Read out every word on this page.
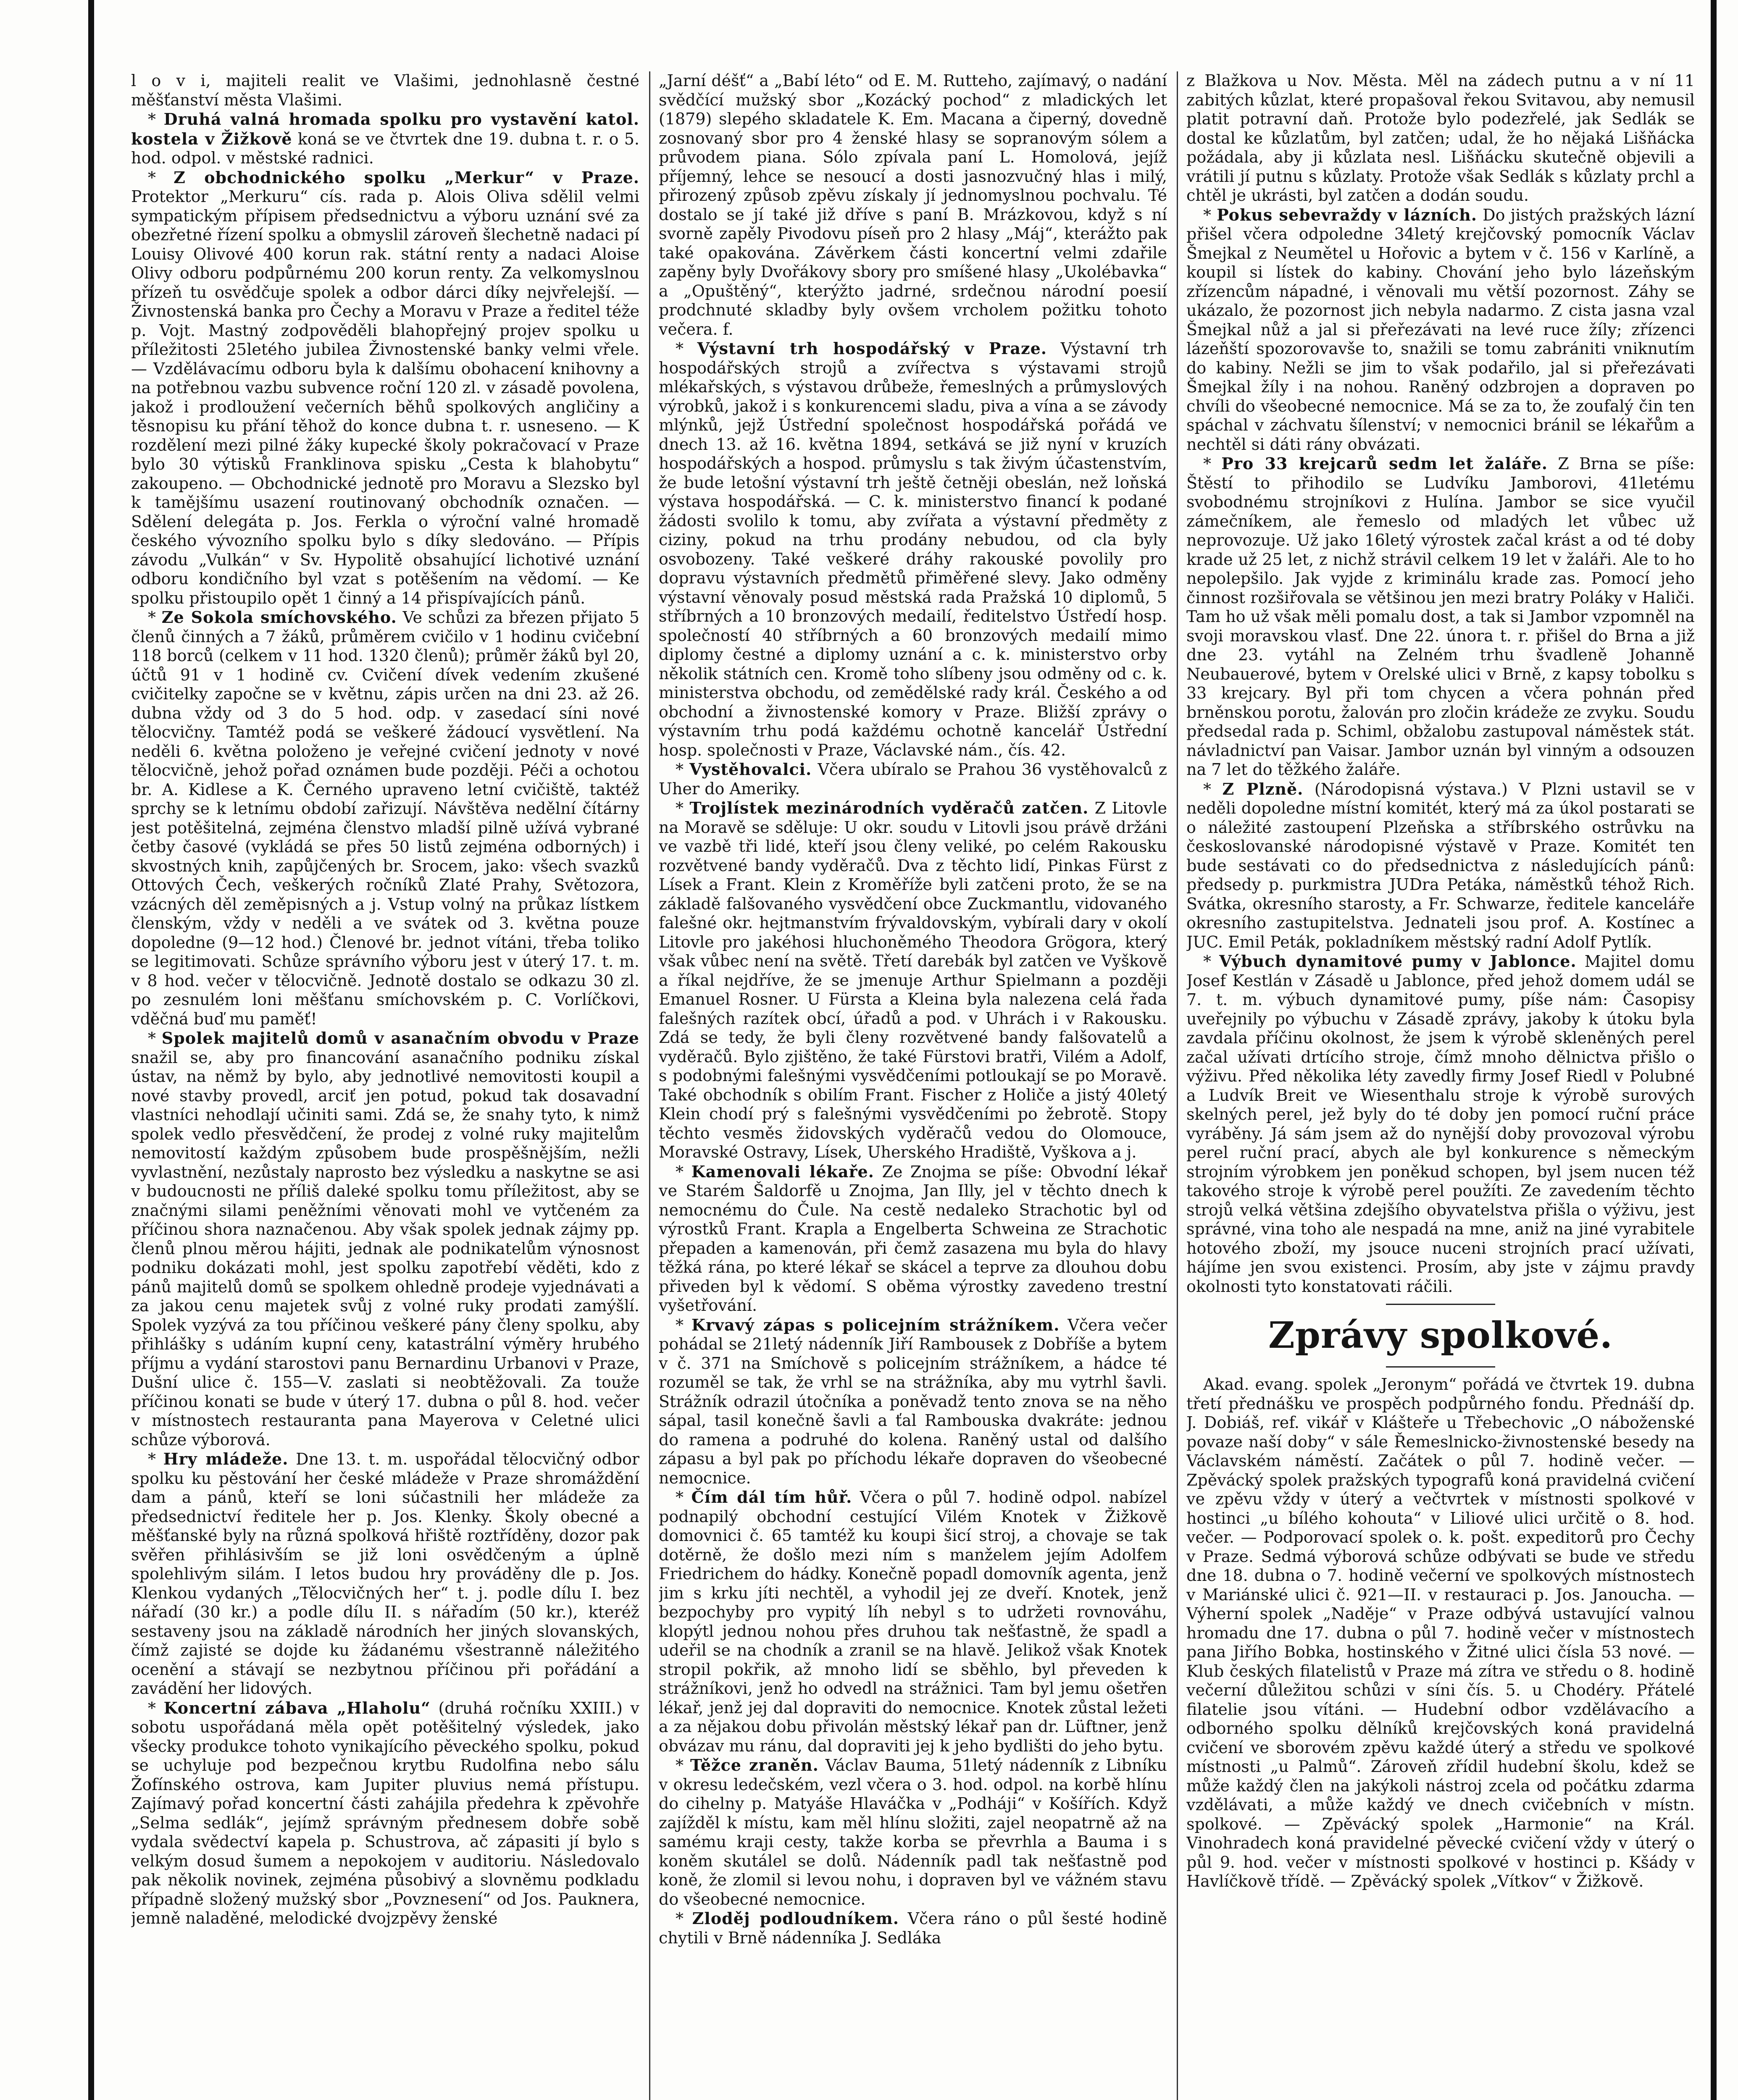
l o v i, majiteli realit ve Vlašimi, jednohlasně čestné měšťanství města Vlašimi.

* Druhá valná hromada spolku pro vystavění katol. kostela v Žižkově koná se ve čtvrtek dne 19. dubna t. r. o 5. hod. odpol. v městské radnici.

* Z obchodnického spolku „Merkur“ v Praze. Protektor „Merkuru“ cís. rada p. Alois Oliva sdělil velmi sympatickým přípisem předsednictvu a výboru uznání své za obezřetné řízení spolku a obmyslil zároveň šlechetně nadaci pí Louisy Olivové 400 korun rak. státní renty a nadaci Aloise Olivy odboru podpůrnému 200 korun renty. Za velkomyslnou přízeň tu osvědčuje spolek a odbor dárci díky nejvřelejší. — Živnostenská banka pro Čechy a Moravu v Praze a ředitel téže p. Vojt. Mastný zodpověděli blahopřejný projev spolku u příležitosti 25letého jubilea Živnostenské banky velmi vřele. — Vzdělávacímu odboru byla k dalšímu obohacení knihovny a na potřebnou vazbu subvence roční 120 zl. v zásadě povolena, jakož i prodloužení večerních běhů spolkových angličiny a těsnopisu ku přání těhož do konce dubna t. r. usneseno. — K rozdělení mezi pilné žáky kupecké školy pokračovací v Praze bylo 30 výtisků Franklinova spisku „Cesta k blahobytu“ zakoupeno. — Obchodnické jednotě pro Moravu a Slezsko byl k tamějšímu usazení routinovaný obchodník označen. — Sdělení delegáta p. Jos. Ferkla o výroční valné hromadě českého vývozního spolku bylo s díky sledováno. — Přípis závodu „Vulkán“ v Sv. Hypolitě obsahující lichotivé uznání odboru kondičního byl vzat s potěšením na vědomí. — Ke spolku přistoupilo opět 1 činný a 14 přispívajících pánů.

* Ze Sokola smíchovského. Ve schůzi za březen přijato 5 členů činných a 7 žáků, průměrem cvičilo v 1 hodinu cvičební 118 borců (celkem v 11 hod. 1320 členů); průměr žáků byl 20, účtů 91 v 1 hodině cv. Cvičení dívek vedením zkušené cvičitelky započne se v květnu, zápis určen na dni 23. až 26. dubna vždy od 3 do 5 hod. odp. v zasedací síni nové tělocvičny. Tamtéž podá se veškeré žádoucí vysvětlení. Na neděli 6. května položeno je veřejné cvičení jednoty v nové tělocvičně, jehož pořad oznámen bude později. Péči a ochotou br. A. Kidlese a K. Černého upraveno letní cvičiště, taktéž sprchy se k letnímu období zařizují. Návštěva nedělní čítárny jest potěšitelná, zejména členstvo mladší pilně užívá vybrané četby časové (vykládá se přes 50 listů zejména odborných) i skvostných knih, zapůjčených br. Srocem, jako: všech svazků Ottových Čech, veškerých ročníků Zlaté Prahy, Světozora, vzácných děl zeměpisných a j. Vstup volný na průkaz lístkem členským, vždy v neděli a ve svátek od 3. května pouze dopoledne (9—12 hod.) Členové br. jednot vítáni, třeba toliko se legitimovati. Schůze správního výboru jest v úterý 17. t. m. v 8 hod. večer v tělocvičně. Jednotě dostalo se odkazu 30 zl. po zesnulém loni měšťanu smíchovském p. C. Vorlíčkovi, vděčná buď mu paměť!

* Spolek majitelů domů v asanačním obvodu v Praze snažil se, aby pro financování asanačního podniku získal ústav, na němž by bylo, aby jednotlivé nemovitosti koupil a nové stavby provedl, arciť jen potud, pokud tak dosavadní vlastníci nehodlají učiniti sami. Zdá se, že snahy tyto, k nimž spolek vedlo přesvědčení, že prodej z volné ruky majitelům nemovitostí každým způsobem bude prospěšnějším, nežli vyvlastnění, nezůstaly naprosto bez výsledku a naskytne se asi v budoucnosti ne příliš daleké spolku tomu příležitost, aby se značnými silami peněžními věnovati mohl ve vytčeném za příčinou shora naznačenou. Aby však spolek jednak zájmy pp. členů plnou měrou hájiti, jednak ale podnikatelům výnosnost podniku dokázati mohl, jest spolku zapotřebí věděti, kdo z pánů majitelů domů se spolkem ohledně prodeje vyjednávati a za jakou cenu majetek svůj z volné ruky prodati zamýšlí. Spolek vyzývá za tou příčinou veškeré pány členy spolku, aby přihlášky s udáním kupní ceny, katastrální výměry hrubého příjmu a vydání starostovi panu Bernardinu Urbanovi v Praze, Dušní ulice č. 155—V. zaslati si neobtěžovali. Za touže příčinou konati se bude v úterý 17. dubna o půl 8. hod. večer v místnostech restauranta pana Mayerova v Celetné ulici schůze výborová.

* Hry mládeže. Dne 13. t. m. uspořádal tělocvičný odbor spolku ku pěstování her české mládeže v Praze shromáždění dam a pánů, kteří se loni súčastnili her mládeže za předsednictví ředitele her p. Jos. Klenky. Školy obecné a měšťanské byly na různá spolková hřiště roztříděny, dozor pak svěřen přihlásivším se již loni osvědčeným a úplně spolehlivým silám. I letos budou hry prováděny dle p. Jos. Klenkou vydaných „Tělocvičných her“ t. j. podle dílu I. bez nářadí (30 kr.) a podle dílu II. s nářadím (50 kr.), kteréž sestaveny jsou na základě národních her jiných slovanských, čímž zajisté se dojde ku žádanému všestranně náležitého ocenění a stávají se nezbytnou příčinou při pořádání a zavádění her lidových.

* Koncertní zábava „Hlaholu“ (druhá ročníku XXIII.) v sobotu uspořádaná měla opět potěšitelný výsledek, jako všecky produkce tohoto vynikajícího pěveckého spolku, pokud se uchyluje pod bezpečnou krytbu Rudolfina nebo sálu Žofínského ostrova, kam Jupiter pluvius nemá přístupu. Zajímavý pořad koncertní části zahájila předehra k zpěvohře „Selma sedlák“, jejímž správným přednesem dobře sobě vydala svědectví kapela p. Schustrova, ač zápasiti jí bylo s velkým dosud šumem a nepokojem v auditoriu. Následovalo pak několik novinek, zejména působivý a slovněmu podkladu případně složený mužský sbor „Povznesení“ od Jos. Pauknera, jemně naladěné, melodické dvojzpěvy ženské

„Jarní déšť“ a „Babí léto“ od E. M. Rutteho, zajímavý, o nadání svědčící mužský sbor „Kozácký pochod“ z mladických let (1879) slepého skladatele K. Em. Macana a čiperný, dovedně zosnovaný sbor pro 4 ženské hlasy se sopranovým sólem a průvodem piana. Sólo zpívala paní L. Homolová, jejíž příjemný, lehce se nesoucí a dosti jasnozvučný hlas i milý, přirozený způsob zpěvu získaly jí jednomyslnou pochvalu. Té dostalo se jí také již dříve s paní B. Mrázkovou, když s ní svorně zapěly Pivodovu píseň pro 2 hlasy „Máj“, kterážto pak také opakována. Závěrkem části koncertní velmi zdařile zapěny byly Dvořákovy sbory pro smíšené hlasy „Ukolébavka“ a „Opuštěný“, kterýžto jadrné, srdečnou národní poesií prodchnuté skladby byly ovšem vrcholem požitku tohoto večera. f.

* Výstavní trh hospodářský v Praze. Výstavní trh hospodářských strojů a zvířectva s výstavami strojů mlékařských, s výstavou drůbeže, řemeslných a průmyslových výrobků, jakož i s konkurencemi sladu, piva a vína a se závody mlýnků, jejž Ústřední společnost hospodářská pořádá ve dnech 13. až 16. května 1894, setkává se již nyní v kruzích hospodářských a hospod. průmyslu s tak živým účastenstvím, že bude letošní výstavní trh ještě četněji obeslán, než loňská výstava hospodářská. — C. k. ministerstvo financí k podané žádosti svolilo k tomu, aby zvířata a výstavní předměty z ciziny, pokud na trhu prodány nebudou, od cla byly osvobozeny. Také veškeré dráhy rakouské povolily pro dopravu výstavních předmětů přiměřené slevy. Jako odměny výstavní věnovaly posud městská rada Pražská 10 diplomů, 5 stříbrných a 10 bronzových medailí, ředitelstvo Ústředí hosp. společností 40 stříbrných a 60 bronzových medailí mimo diplomy čestné a diplomy uznání a c. k. ministerstvo orby několik státních cen. Kromě toho slíbeny jsou odměny od c. k. ministerstva obchodu, od zemědělské rady král. Českého a od obchodní a živnostenské komory v Praze. Bližší zprávy o výstavním trhu podá každému ochotně kancelář Ústřední hosp. společnosti v Praze, Václavské nám., čís. 42.

* Vystěhovalci. Včera ubíralo se Prahou 36 vystěhovalců z Uher do Ameriky.

* Trojlístek mezinárodních vyděračů zatčen. Z Litovle na Moravě se sděluje: U okr. soudu v Litovli jsou právě držáni ve vazbě tři lidé, kteří jsou členy veliké, po celém Rakousku rozvětvené bandy vyděračů. Dva z těchto lidí, Pinkas Fürst z Lísek a Frant. Klein z Kroměříže byli zatčeni proto, že se na základě falšovaného vysvědčení obce Zuckmantlu, vidovaného falešné okr. hejtmanstvím frývaldovským, vybírali dary v okolí Litovle pro jakéhosi hluchoněmého Theodora Grögora, který však vůbec není na světě. Třetí darebák byl zatčen ve Vyškově a říkal nejdříve, že se jmenuje Arthur Spielmann a později Emanuel Rosner. U Fürsta a Kleina byla nalezena celá řada falešných razítek obcí, úřadů a pod. v Uhrách i v Rakousku. Zdá se tedy, že byli členy rozvětvené bandy falšovatelů a vyděračů. Bylo zjištěno, že také Fürstovi bratři, Vilém a Adolf, s podobnými falešnými vysvědčeními potloukají se po Moravě. Také obchodník s obilím Frant. Fischer z Holiče a jistý 40letý Klein chodí prý s falešnými vysvědčeními po žebrotě. Stopy těchto vesměs židovských vyděračů vedou do Olomouce, Moravské Ostravy, Lísek, Uherského Hradiště, Vyškova a j.

* Kamenovali lékaře. Ze Znojma se píše: Obvodní lékař ve Starém Šaldorfě u Znojma, Jan Illy, jel v těchto dnech k nemocnému do Čule. Na cestě nedaleko Strachotic byl od výrostků Frant. Krapla a Engelberta Schweina ze Strachotic přepaden a kamenován, při čemž zasazena mu byla do hlavy těžká rána, po které lékař se skácel a teprve za dlouhou dobu přiveden byl k vědomí. S oběma výrostky zavedeno trestní vyšetřování.

* Krvavý zápas s policejním strážníkem. Včera večer pohádal se 21letý nádenník Jiří Rambousek z Dobříše a bytem v č. 371 na Smíchově s policejním strážníkem, a hádce té rozuměl se tak, že vrhl se na strážníka, aby mu vytrhl šavli. Strážník odrazil útočníka a poněvadž tento znova se na něho sápal, tasil konečně šavli a ťal Rambouska dvakráte: jednou do ramena a podruhé do kolena. Raněný ustal od dalšího zápasu a byl pak po příchodu lékaře dopraven do všeobecné nemocnice.

* Čím dál tím hůř. Včera o půl 7. hodině odpol. nabízel podnapilý obchodní cestující Vilém Knotek v Žižkově domovnici č. 65 tamtéž ku koupi šicí stroj, a chovaje se tak dotěrně, že došlo mezi ním s manželem jejím Adolfem Friedrichem do hádky. Konečně popadl domovník agenta, jenž jim s krku jíti nechtěl, a vyhodil jej ze dveří. Knotek, jenž bezpochyby pro vypitý líh nebyl s to udržeti rovnováhu, klopýtl jednou nohou přes druhou tak nešťastně, že spadl a udeřil se na chodník a zranil se na hlavě. Jelikož však Knotek stropil pokřik, až mnoho lidí se sběhlo, byl převeden k strážníkovi, jenž ho odvedl na strážnici. Tam byl jemu ošetřen lékař, jenž jej dal dopraviti do nemocnice. Knotek zůstal ležeti a za nějakou dobu přivolán městský lékař pan dr. Lüftner, jenž obvázav mu ránu, dal dopraviti jej k jeho bydlišti do jeho bytu.

* Těžce zraněn. Václav Bauma, 51letý nádenník z Libníku v okresu ledečském, vezl včera o 3. hod. odpol. na korbě hlínu do cihelny p. Matyáše Hlaváčka v „Podháji“ v Košířích. Když zajížděl k místu, kam měl hlínu složiti, zajel neopatrně až na samému kraji cesty, takže korba se převrhla a Bauma i s koněm skutálel se dolů. Nádenník padl tak nešťastně pod koně, že zlomil si levou nohu, i dopraven byl ve vážném stavu do všeobecné nemocnice.

* Zloděj podloudníkem. Včera ráno o půl šesté hodině chytili v Brně nádenníka J. Sedláka

z Blažkova u Nov. Města. Měl na zádech putnu a v ní 11 zabitých kůzlat, které propašoval řekou Svitavou, aby nemusil platit potravní daň. Protože bylo podezřelé, jak Sedlák se dostal ke kůzlatům, byl zatčen; udal, že ho nějaká Lišňácka požádala, aby ji kůzlata nesl. Lišňácku skutečně objevili a vrátili jí putnu s kůzlaty. Protože však Sedlák s kůzlaty prchl a chtěl je ukrásti, byl zatčen a dodán soudu.

* Pokus sebevraždy v lázních. Do jistých pražských lázní přišel včera odpoledne 34letý krejčovský pomocník Václav Šmejkal z Neumětel u Hořovic a bytem v č. 156 v Karlíně, a koupil si lístek do kabiny. Chování jeho bylo lázeňským zřízencům nápadné, i věnovali mu větší pozornost. Záhy se ukázalo, že pozornost jich nebyla nadarmo. Z cista jasna vzal Šmejkal nůž a jal si přeřezávati na levé ruce žíly; zřízenci lázeňští spozorovavše to, snažili se tomu zabrániti vniknutím do kabiny. Nežli se jim to však podařilo, jal si přeřezávati Šmejkal žíly i na nohou. Raněný odzbrojen a dopraven po chvíli do všeobecné nemocnice. Má se za to, že zoufalý čin ten spáchal v záchvatu šílenství; v nemocnici bránil se lékařům a nechtěl si dáti rány obvázati.

* Pro 33 krejcarů sedm let žaláře. Z Brna se píše: Štěstí to přihodilo se Ludvíku Jamborovi, 41letému svobodnému strojníkovi z Hulína. Jambor se sice vyučil zámečníkem, ale řemeslo od mladých let vůbec už neprovozuje. Už jako 16letý výrostek začal krást a od té doby krade už 25 let, z nichž strávil celkem 19 let v žaláři. Ale to ho nepolepšilo. Jak vyjde z kriminálu krade zas. Pomocí jeho činnost rozšiřovala se většinou jen mezi bratry Poláky v Haliči. Tam ho už však měli pomalu dost, a tak si Jambor vzpomněl na svoji moravskou vlasť. Dne 22. února t. r. přišel do Brna a již dne 23. vytáhl na Zelném trhu švadleně Johanně Neubauerové, bytem v Orelské ulici v Brně, z kapsy tobolku s 33 krejcary. Byl při tom chycen a včera pohnán před brněnskou porotu, žalován pro zločin krádeže ze zvyku. Soudu předsedal rada p. Schiml, obžalobu zastupoval náměstek stát. návladnictví pan Vaisar. Jambor uznán byl vinným a odsouzen na 7 let do těžkého žaláře.

* Z Plzně. (Národopisná výstava.) V Plzni ustavil se v neděli dopoledne místní komitét, který má za úkol postarati se o náležité zastoupení Plzeňska a stříbrského ostrůvku na českoslovanské národopisné výstavě v Praze. Komitét ten bude sestávati co do předsednictva z následujících pánů: předsedy p. purkmistra JUDra Petáka, náměstků téhož Rich. Svátka, okresního starosty, a Fr. Schwarze, ředitele kanceláře okresního zastupitelstva. Jednateli jsou prof. A. Kostínec a JUC. Emil Peták, pokladníkem městský radní Adolf Pytlík.

* Výbuch dynamitové pumy v Jablonce. Majitel domu Josef Kestlán v Zásadě u Jablonce, před jehož domem udál se 7. t. m. výbuch dynamitové pumy, píše nám: Časopisy uveřejnily po výbuchu v Zásadě zprávy, jakoby k útoku byla zavdala příčinu okolnost, že jsem k výrobě skleněných perel začal užívati drtícího stroje, čímž mnoho dělnictva přišlo o výživu. Před několika léty zavedly firmy Josef Riedl v Polubné a Ludvík Breit ve Wiesenthalu stroje k výrobě surových skelných perel, jež byly do té doby jen pomocí ruční práce vyráběny. Já sám jsem až do nynější doby provozoval výrobu perel ruční prací, abych ale byl konkurence s německým strojním výrobkem jen poněkud schopen, byl jsem nucen též takového stroje k výrobě perel použíti. Ze zavedením těchto strojů velká většina zdejšího obyvatelstva přišla o výživu, jest správné, vina toho ale nespadá na mne, aniž na jiné vyrabitele hotového zboží, my jsouce nuceni strojních prací užívati, hájíme jen svou existenci. Prosím, aby jste v zájmu pravdy okolnosti tyto konstatovati ráčili.

Zprávy spolkové.

Akad. evang. spolek „Jeronym“ pořádá ve čtvrtek 19. dubna třetí přednášku ve prospěch podpůrného fondu. Přednáší dp. J. Dobiáš, ref. vikář v Klášteře u Třebechovic „O náboženské povaze naší doby“ v sále Řemeslnicko-živnostenské besedy na Václavském náměstí. Začátek o půl 7. hodině večer. — Zpěvácký spolek pražských typografů koná pravidelná cvičení ve zpěvu vždy v úterý a večtvrtek v místnosti spolkové v hostinci „u bílého kohouta“ v Liliové ulici určitě o 8. hod. večer. — Podporovací spolek o. k. pošt. expeditorů pro Čechy v Praze. Sedmá výborová schůze odbývati se bude ve středu dne 18. dubna o 7. hodině večerní ve spolkových místnostech v Mariánské ulici č. 921—II. v restauraci p. Jos. Janoucha. — Výherní spolek „Naděje“ v Praze odbývá ustavující valnou hromadu dne 17. dubna o půl 7. hodině večer v místnostech pana Jiřího Bobka, hostinského v Žitné ulici čísla 53 nové. — Klub českých filatelistů v Praze má zítra ve středu o 8. hodině večerní důležitou schůzi v síni čís. 5. u Chodéry. Přátelé filatelie jsou vítáni. — Hudební odbor vzdělávacího a odborného spolku dělníků krejčovských koná pravidelná cvičení ve sborovém zpěvu každé úterý a středu ve spolkové místnosti „u Palmů“. Zároveň zřídil hudební školu, kdež se může každý člen na jakýkoli nástroj zcela od počátku zdarma vzdělávati, a může každý ve dnech cvičebních v místn. spolkové. — Zpěvácký spolek „Harmonie“ na Král. Vinohradech koná pravidelné pěvecké cvičení vždy v úterý o půl 9. hod. večer v místnosti spolkové v hostinci p. Kšády v Havlíčkově třídě. — Zpěvácký spolek „Vítkov“ v Žižkově.
